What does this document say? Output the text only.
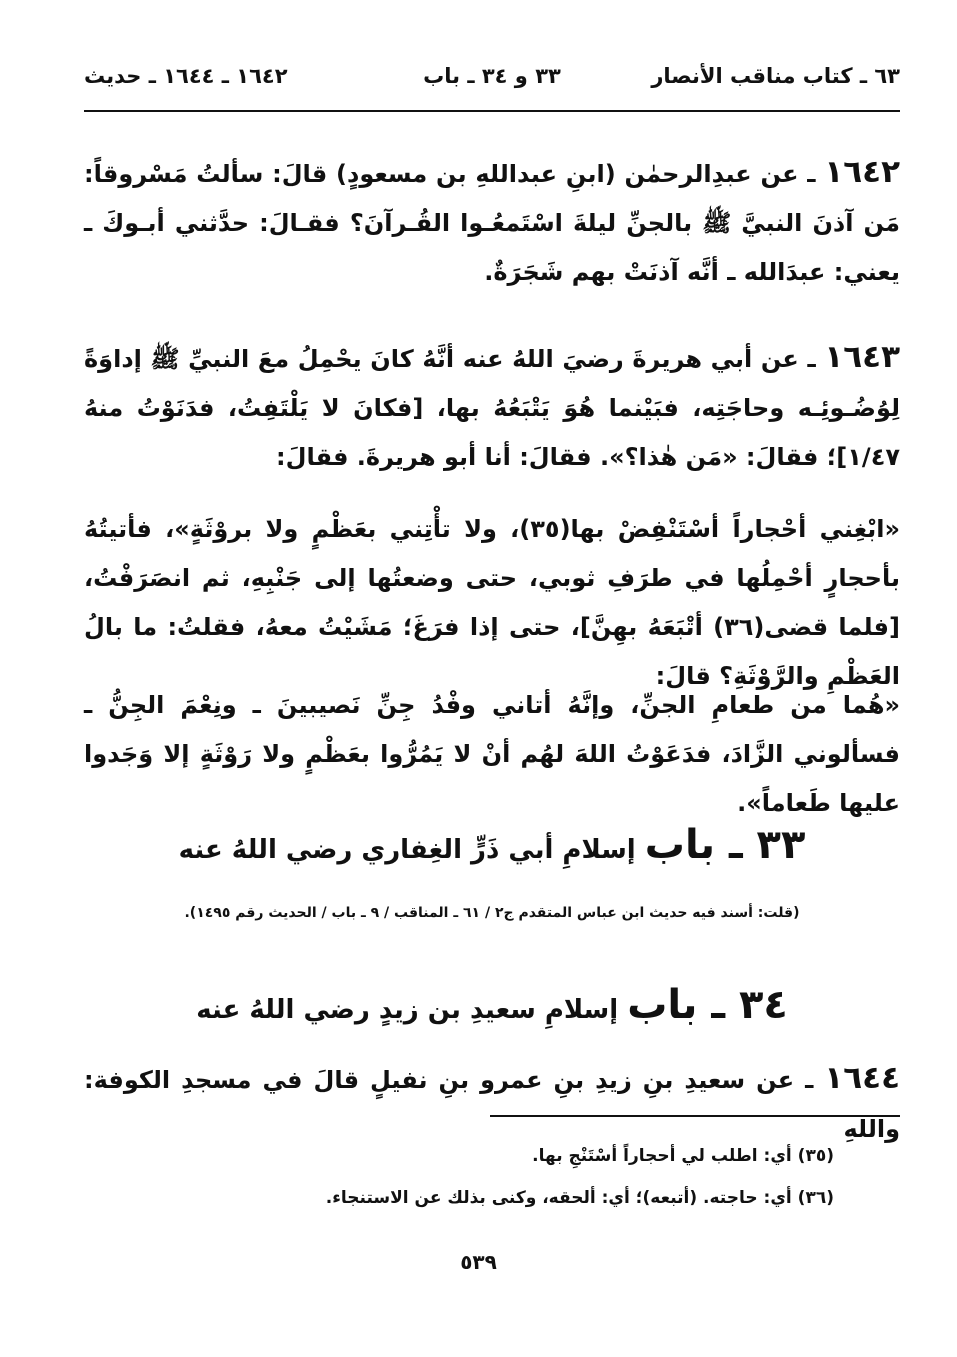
٦٣ ـ كتاب مناقب الأنصار
٣٣ و ٣٤ ـ باب
١٦٤٢ ـ ١٦٤٤ ـ حديث
١٦٤٢ ـ عن عبدِالرحمٰن (ابنِ عبداللهِ بن مسعودٍ) قالَ: سألتُ مَسْروقاً: مَن آذنَ النبيَّ ﷺ بالجنِّ ليلةَ اسْتَمعُـوا القُـرآنَ؟ فقـالَ: حدَّثني أبـوكَ ـ يعني: عبدَالله ـ أنَّه آذنَتْ بهم شَجَرَةٌ.
١٦٤٣ ـ عن أبي هريرةَ رضيَ اللهُ عنه أنَّهُ كانَ يحْمِلُ معَ النبيِّ ﷺ إداوَةً لِوُضُـوئِـه وحاجَتِه، فبَيْنما هُوَ يَتْبَعُهُ بها، [فكانَ لا يَلْتَفِتُ، فدَنَوْتُ منهُ ١/٤٧]؛ فقالَ: «مَن هٰذا؟». فقالَ: أنا أبو هريرةَ. فقالَ:
«ابْغِني أحْجاراً أسْتَنْفِضْ بها(٣٥)، ولا تأْتِني بعَظْمٍ ولا بروْثَةٍ»، فأتيتُهُ بأحجارٍ أحْمِلُها في طرَفِ ثوبي، حتى وضعتُها إلى جَنْبِهِ، ثم انصَرَفْتُ، [فلما قضى(٣٦) أتْبَعَهُ بهِنَّ]، حتى إذا فرَغَ؛ مَشَيْتُ معهُ، فقلتُ: ما بالُ العَظْمِ والرَّوْثَةِ؟ قالَ:
«هُما من طعامِ الجنِّ، وإنَّهُ أتاني وفْدُ جِنِّ نَصيبينَ ـ ونِعْمَ الجِنُّ ـ فسألوني الزَّادَ، فدَعَوْتُ اللهَ لهُم أنْ لا يَمُرُّوا بعَظْمٍ ولا رَوْثَةٍ إلا وَجَدوا عليها طَعاماً».
٣٣ ـ باب إسلامِ أبي ذَرٍّ الغِفاري رضي اللهُ عنه
(قلت: أسند فيه حديث ابن عباس المتقدم ج٢ / ٦١ ـ المناقب / ٩ ـ باب / الحديث رقم ١٤٩٥).
٣٤ ـ باب إسلامِ سعيدِ بن زيدٍ رضي اللهُ عنه
١٦٤٤ ـ عن سعيدِ بنِ زيدِ بنِ عمرو بنِ نفيلٍ قالَ في مسجدِ الكوفة: واللهِ
(٣٥) أي: اطلب لي أحجاراً أسْتَنْجِ بها.
(٣٦) أي: حاجته. (أتبعه)؛ أي: ألحقه، وكنى بذلك عن الاستنجاء.
٥٣٩
